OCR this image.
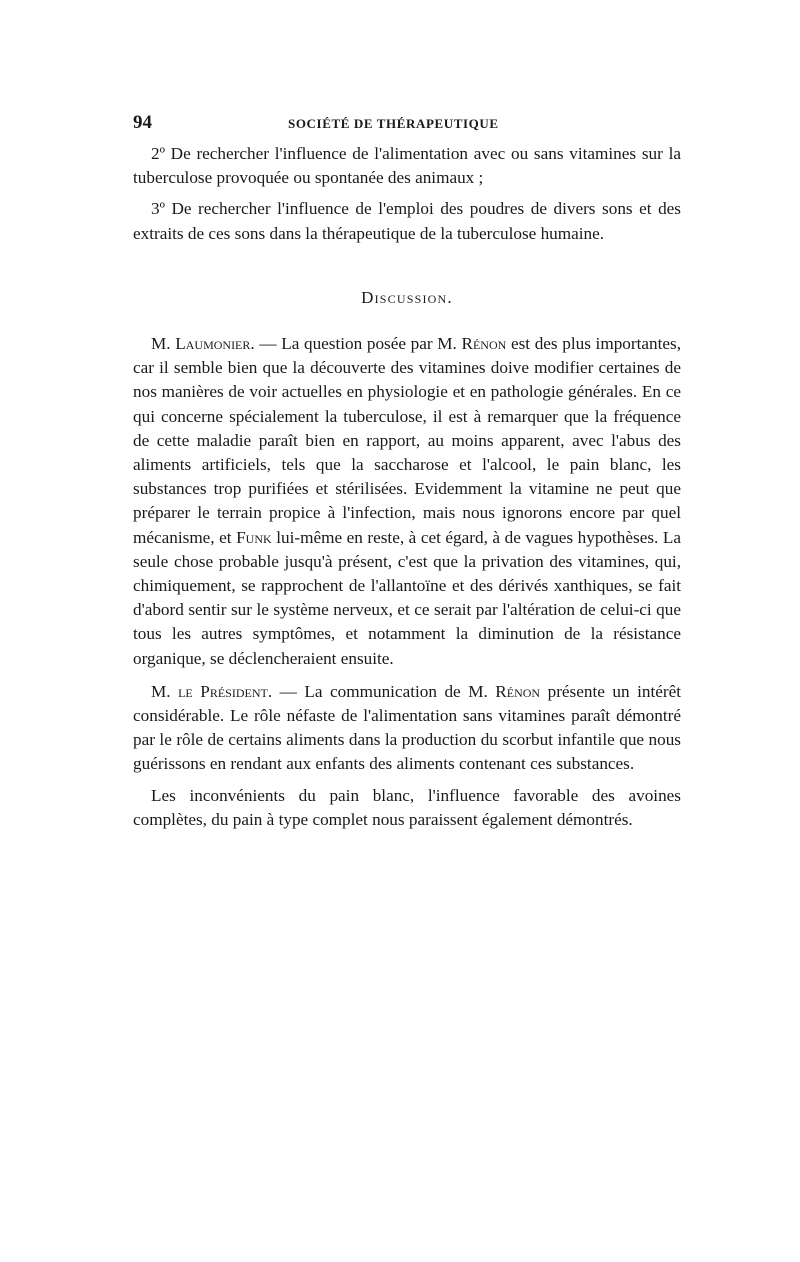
94	SOCIÉTÉ DE THÉRAPEUTIQUE

2º De rechercher l'influence de l'alimentation avec ou sans vitamines sur la tuberculose provoquée ou spontanée des animaux ;

3º De rechercher l'influence de l'emploi des poudres de divers sons et des extraits de ces sons dans la thérapeutique de la tuberculose humaine.

Discussion.

M. Laumonier. — La question posée par M. Rénon est des plus importantes, car il semble bien que la découverte des vitamines doive modifier certaines de nos manières de voir actuelles en physiologie et en pathologie générales. En ce qui concerne spécialement la tuberculose, il est à remarquer que la fréquence de cette maladie paraît bien en rapport, au moins apparent, avec l'abus des aliments artificiels, tels que la saccharose et l'alcool, le pain blanc, les substances trop purifiées et stérilisées. Evidemment la vitamine ne peut que préparer le terrain propice à l'infection, mais nous ignorons encore par quel mécanisme, et Funk lui-même en reste, à cet égard, à de vagues hypothèses. La seule chose probable jusqu'à présent, c'est que la privation des vitamines, qui, chimiquement, se rapprochent de l'allantoïne et des dérivés xanthiques, se fait d'abord sentir sur le système nerveux, et ce serait par l'altération de celui-ci que tous les autres symptômes, et notamment la diminution de la résistance organique, se déclencheraient ensuite.

M. le Président. — La communication de M. Rénon présente un intérêt considérable. Le rôle néfaste de l'alimentation sans vitamines paraît démontré par le rôle de certains aliments dans la production du scorbut infantile que nous guérissons en rendant aux enfants des aliments contenant ces substances.

Les inconvénients du pain blanc, l'influence favorable des avoines complètes, du pain à type complet nous paraissent également démontrés.
